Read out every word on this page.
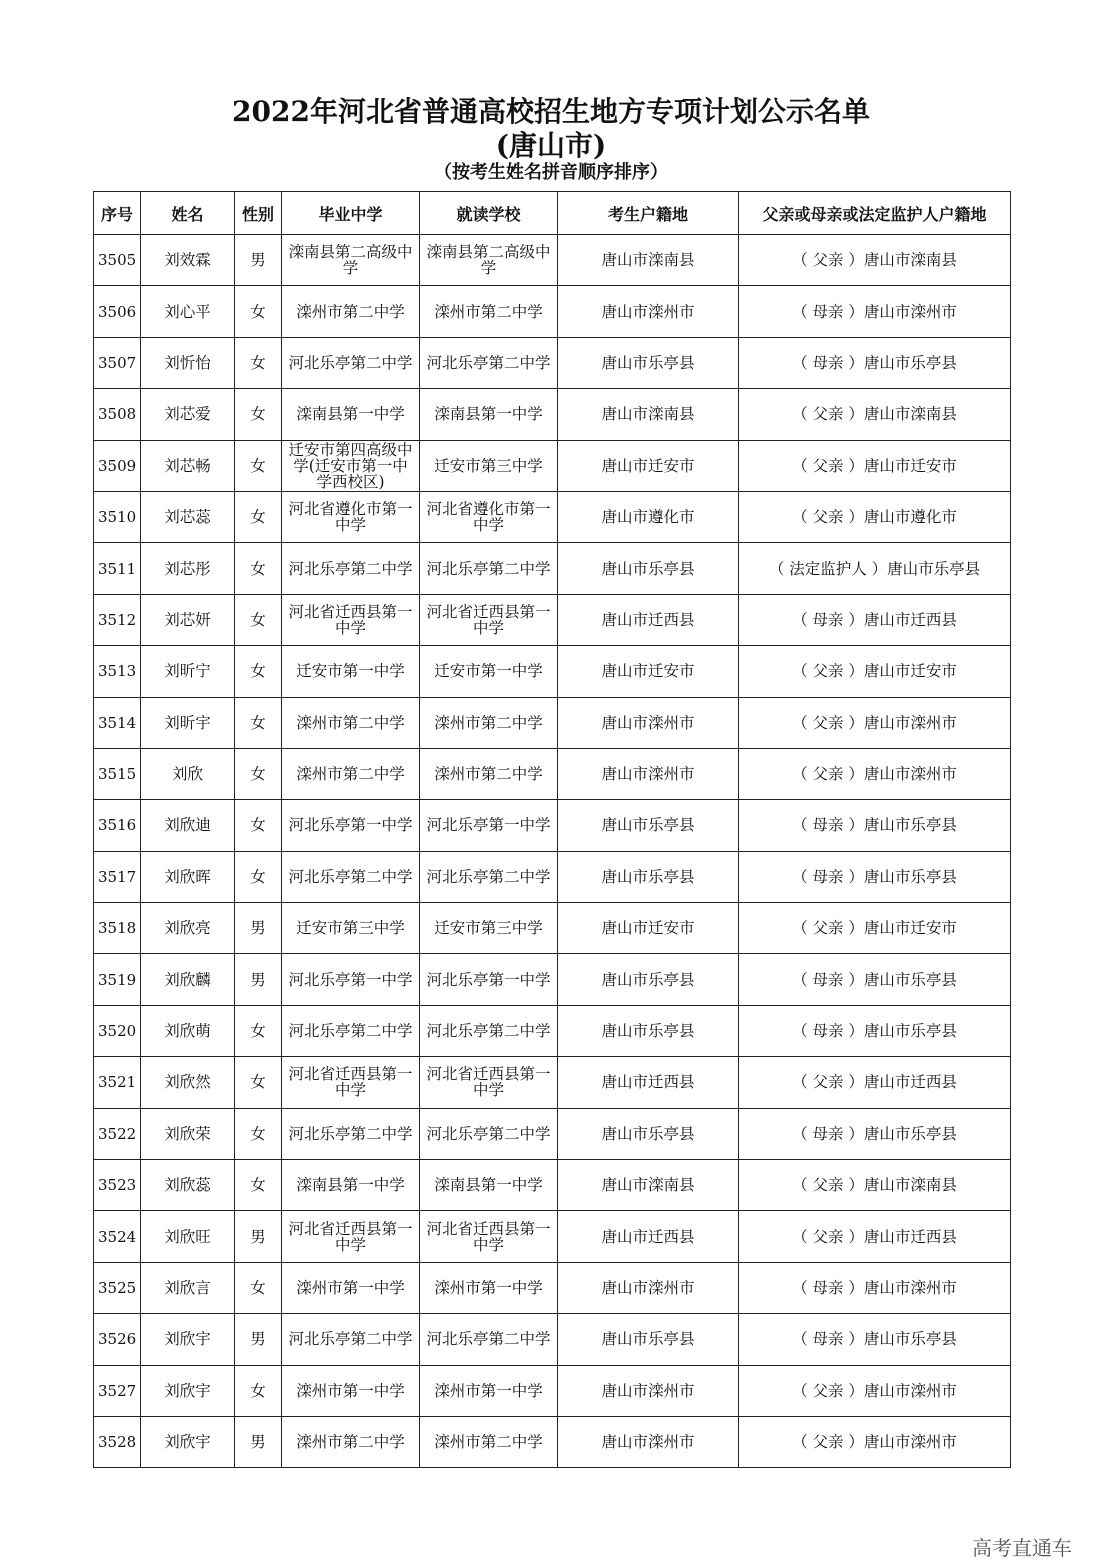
2022年河北省普通高校招生地方专项计划公示名单
(唐山市)
（按考生姓名拼音顺序排序）
序号	姓名	性别	毕业中学	就读学校	考生户籍地	父亲或母亲或法定监护人户籍地
3505	刘效霖	男	滦南县第二高级中学	滦南县第二高级中学	唐山市滦南县	（ 父亲 ）唐山市滦南县
3506	刘心平	女	滦州市第二中学	滦州市第二中学	唐山市滦州市	（ 母亲 ）唐山市滦州市
3507	刘忻怡	女	河北乐亭第二中学	河北乐亭第二中学	唐山市乐亭县	（ 母亲 ）唐山市乐亭县
3508	刘芯爱	女	滦南县第一中学	滦南县第一中学	唐山市滦南县	（ 父亲 ）唐山市滦南县
3509	刘芯畅	女	迁安市第四高级中学(迁安市第一中学西校区)	迁安市第三中学	唐山市迁安市	（ 父亲 ）唐山市迁安市
3510	刘芯蕊	女	河北省遵化市第一中学	河北省遵化市第一中学	唐山市遵化市	（ 父亲 ）唐山市遵化市
3511	刘芯彤	女	河北乐亭第二中学	河北乐亭第二中学	唐山市乐亭县	（ 法定监护人 ）唐山市乐亭县
3512	刘芯妍	女	河北省迁西县第一中学	河北省迁西县第一中学	唐山市迁西县	（ 母亲 ）唐山市迁西县
3513	刘昕宁	女	迁安市第一中学	迁安市第一中学	唐山市迁安市	（ 父亲 ）唐山市迁安市
3514	刘昕宇	女	滦州市第二中学	滦州市第二中学	唐山市滦州市	（ 父亲 ）唐山市滦州市
3515	刘欣	女	滦州市第二中学	滦州市第二中学	唐山市滦州市	（ 父亲 ）唐山市滦州市
3516	刘欣迪	女	河北乐亭第一中学	河北乐亭第一中学	唐山市乐亭县	（ 母亲 ）唐山市乐亭县
3517	刘欣晖	女	河北乐亭第二中学	河北乐亭第二中学	唐山市乐亭县	（ 母亲 ）唐山市乐亭县
3518	刘欣亮	男	迁安市第三中学	迁安市第三中学	唐山市迁安市	（ 父亲 ）唐山市迁安市
3519	刘欣麟	男	河北乐亭第一中学	河北乐亭第一中学	唐山市乐亭县	（ 母亲 ）唐山市乐亭县
3520	刘欣萌	女	河北乐亭第二中学	河北乐亭第二中学	唐山市乐亭县	（ 母亲 ）唐山市乐亭县
3521	刘欣然	女	河北省迁西县第一中学	河北省迁西县第一中学	唐山市迁西县	（ 父亲 ）唐山市迁西县
3522	刘欣荣	女	河北乐亭第二中学	河北乐亭第二中学	唐山市乐亭县	（ 母亲 ）唐山市乐亭县
3523	刘欣蕊	女	滦南县第一中学	滦南县第一中学	唐山市滦南县	（ 父亲 ）唐山市滦南县
3524	刘欣旺	男	河北省迁西县第一中学	河北省迁西县第一中学	唐山市迁西县	（ 父亲 ）唐山市迁西县
3525	刘欣言	女	滦州市第一中学	滦州市第一中学	唐山市滦州市	（ 母亲 ）唐山市滦州市
3526	刘欣宇	男	河北乐亭第二中学	河北乐亭第二中学	唐山市乐亭县	（ 母亲 ）唐山市乐亭县
3527	刘欣宇	女	滦州市第一中学	滦州市第一中学	唐山市滦州市	（ 父亲 ）唐山市滦州市
3528	刘欣宇	男	滦州市第二中学	滦州市第二中学	唐山市滦州市	（ 父亲 ）唐山市滦州市
高考直通车
